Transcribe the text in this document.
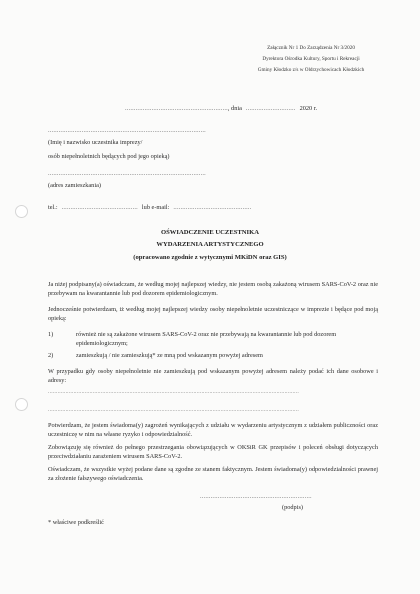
Załącznik Nr 1 Do Zarządzenia Nr 3/2020
Dyrektora Ośrodka Kultury, Sportu i Rekreacji
Gminy Kłodzko z/s w Oldrzychowicach Kłodzkich
.........................................................., dnia ............................ 2020 r.
.........................................................................................
(Imię i nazwisko uczestnika imprezy/
osób niepełnoletnich będących pod jego opieką)
.........................................................................................
(adres zamieszkania)
tel.: ........................................... lub e-mail: ............................................
OŚWIADCZENIE UCZESTNIKA
WYDARZENIA ARTYSTYCZNEGO
(opracowano zgodnie z wytycznymi MKiDN oraz GIS)
Ja niżej podpisany(a) oświadczam, że według mojej najlepszej wiedzy, nie jestem osobą zakażoną wirusem SARS-CoV-2 oraz nie przebywam na kwarantannie lub pod dozorem epidemiologicznym.
Jednocześnie potwierdzam, iż według mojej najlepszej wiedzy osoby niepełnoletnie uczestniczące w imprezie i będące pod moją opieką:
1)	również nie są zakażone wirusem SARS-CoV-2 oraz nie przebywają na kwarantannie lub pod dozorem epidemiologicznym;
2)	zamieszkują / nie zamieszkują* ze mną pod wskazanym powyżej adresem
W przypadku gdy osoby niepełnoletnie nie zamieszkują pod wskazanym powyżej adresem należy podać ich dane osobowe i adresy:
.............................................................................................................................................................
.............................................................................................................................................................
Potwierdzam, że jestem świadoma(y) zagrożeń wynikających z udziału w wydarzeniu artystycznym z udziałem publiczności oraz uczestniczę w nim na własne ryzyko i odpowiedzialność.
Zobowiązuję się również do pełnego przestrzegania obowiązujących w OKSiR GK przepisów i poleceń obsługi dotyczących przeciwdziałaniu zarażeniem wirusem SARS-CoV-2.
Oświadczam, że wszystkie wyżej podane dane są zgodne ze stanem faktycznym. Jestem świadoma(y) odpowiedzialności prawnej za złożenie fałszywego oświadczenia.
...............................................................
(podpis)
* właściwe podkreślić
